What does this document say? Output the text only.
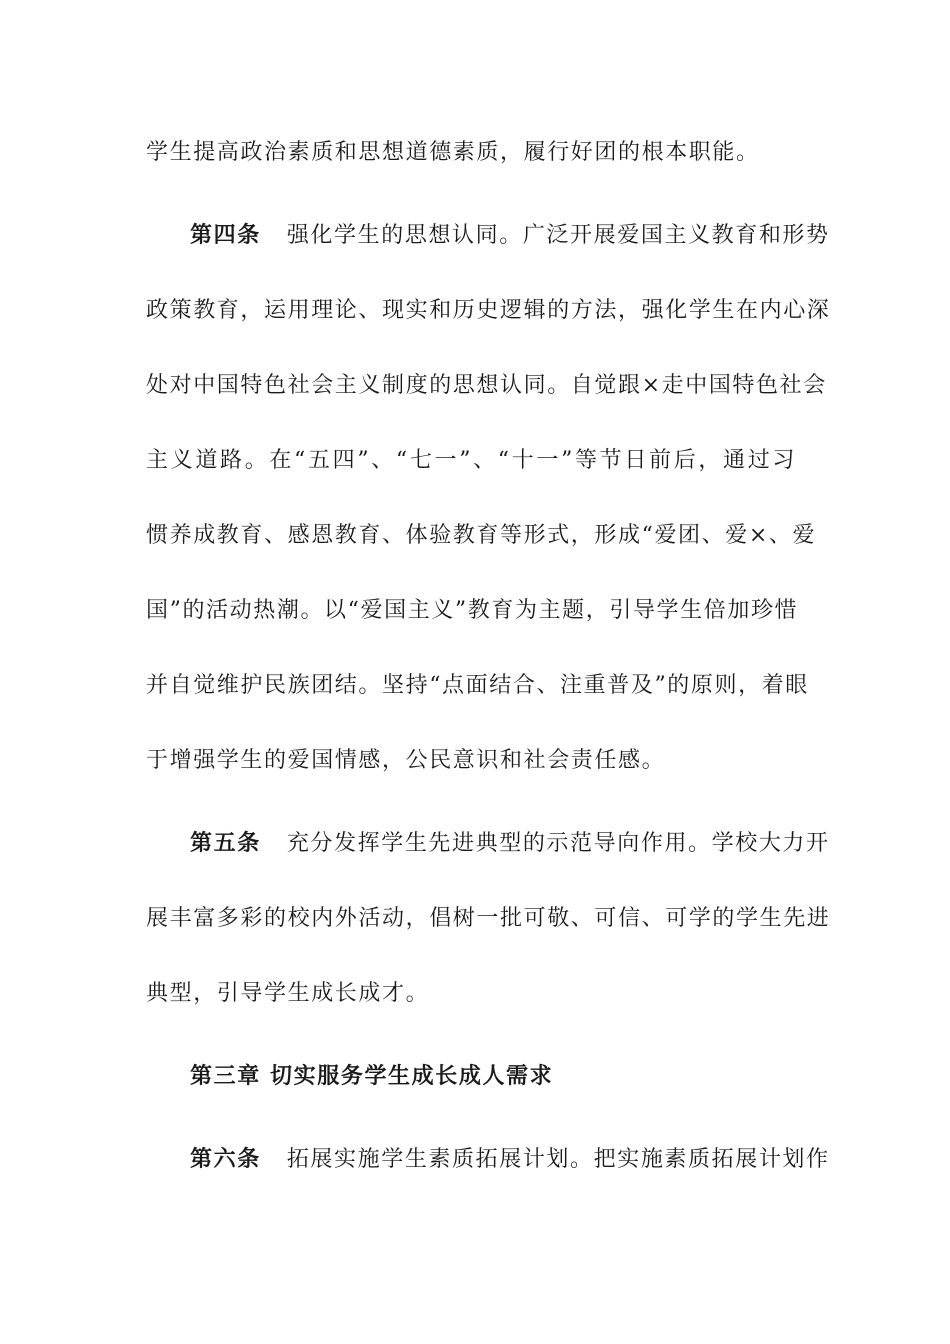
学生提高政治素质和思想道德素质，履行好团的根本职能。
第四条 强化学生的思想认同。广泛开展爱国主义教育和形势
政策教育，运用理论、现实和历史逻辑的方法，强化学生在内心深
处对中国特色社会主义制度的思想认同。自觉跟×走中国特色社会
主义道路。在“五四”、“七一”、“十一”等节日前后，通过习
惯养成教育、感恩教育、体验教育等形式，形成“爱团、爱×、爱
国”的活动热潮。以“爱国主义”教育为主题，引导学生倍加珍惜
并自觉维护民族团结。坚持“点面结合、注重普及”的原则，着眼
于增强学生的爱国情感，公民意识和社会责任感。
第五条 充分发挥学生先进典型的示范导向作用。学校大力开
展丰富多彩的校内外活动，倡树一批可敬、可信、可学的学生先进
典型，引导学生成长成才。
第三章 切实服务学生成长成人需求
第六条 拓展实施学生素质拓展计划。把实施素质拓展计划作
